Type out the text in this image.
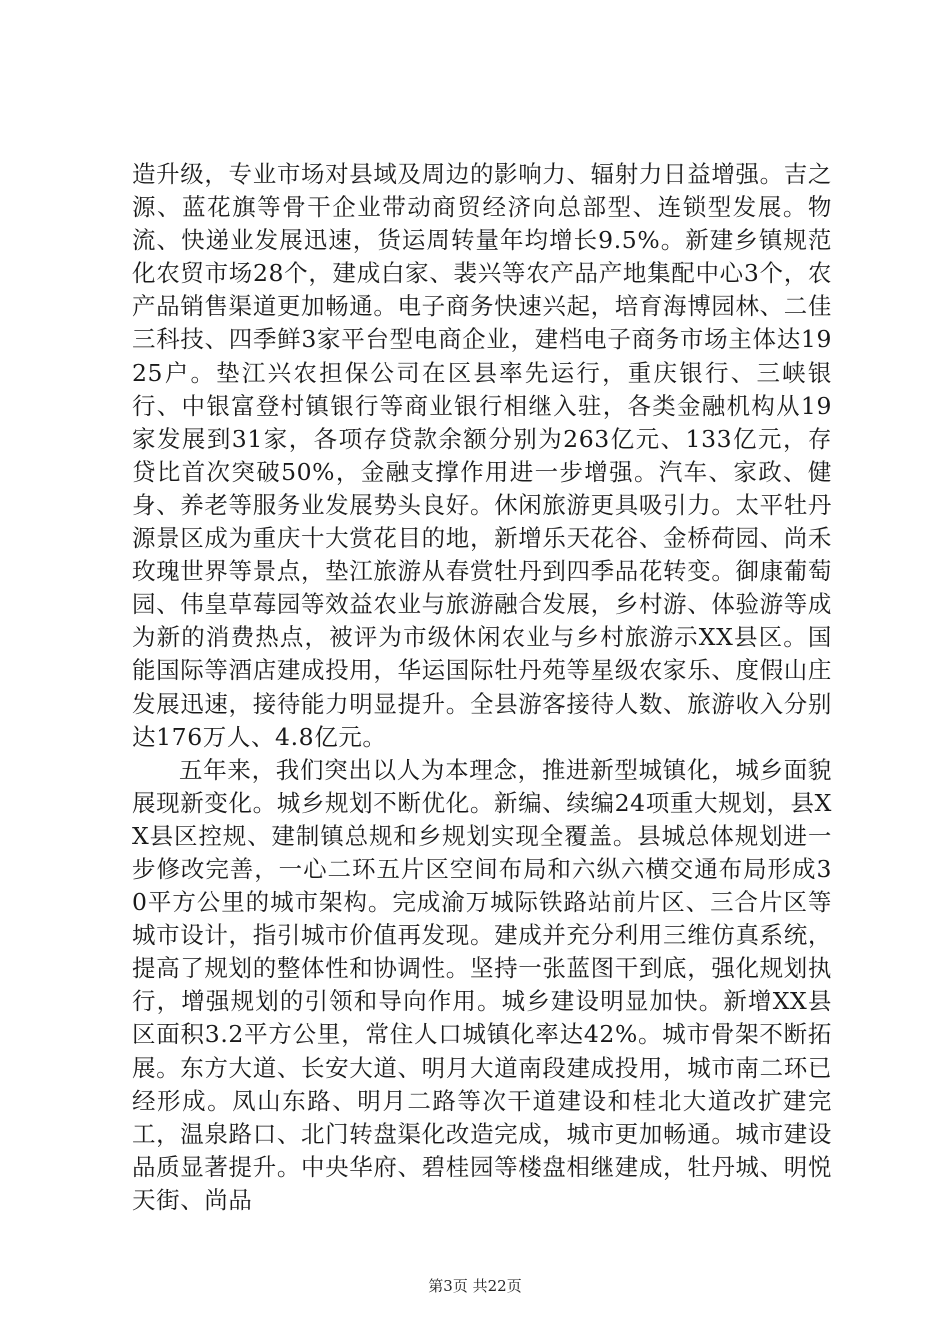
造升级，专业市场对县域及周边的影响力、辐射力日益增强。吉之源、蓝花旗等骨干企业带动商贸经济向总部型、连锁型发展。物流、快递业发展迅速，货运周转量年均增长9.5%。新建乡镇规范化农贸市场28个，建成白家、裴兴等农产品产地集配中心3个，农产品销售渠道更加畅通。电子商务快速兴起，培育海博园林、二佳三科技、四季鲜3家平台型电商企业，建档电子商务市场主体达1925户。垫江兴农担保公司在区县率先运行，重庆银行、三峡银行、中银富登村镇银行等商业银行相继入驻，各类金融机构从19家发展到31家，各项存贷款余额分别为263亿元、133亿元，存贷比首次突破50%，金融支撑作用进一步增强。汽车、家政、健身、养老等服务业发展势头良好。休闲旅游更具吸引力。太平牡丹源景区成为重庆十大赏花目的地，新增乐天花谷、金桥荷园、尚禾玫瑰世界等景点，垫江旅游从春赏牡丹到四季品花转变。御康葡萄园、伟皇草莓园等效益农业与旅游融合发展，乡村游、体验游等成为新的消费热点，被评为市级休闲农业与乡村旅游示XX县区。国能国际等酒店建成投用，华运国际牡丹苑等星级农家乐、度假山庄发展迅速，接待能力明显提升。全县游客接待人数、旅游收入分别达176万人、4.8亿元。

五年来，我们突出以人为本理念，推进新型城镇化，城乡面貌展现新变化。城乡规划不断优化。新编、续编24项重大规划，县XX县区控规、建制镇总规和乡规划实现全覆盖。县城总体规划进一步修改完善，一心二环五片区空间布局和六纵六横交通布局形成30平方公里的城市架构。完成渝万城际铁路站前片区、三合片区等城市设计，指引城市价值再发现。建成并充分利用三维仿真系统，提高了规划的整体性和协调性。坚持一张蓝图干到底，强化规划执行，增强规划的引领和导向作用。城乡建设明显加快。新增XX县区面积3.2平方公里，常住人口城镇化率达42%。城市骨架不断拓展。东方大道、长安大道、明月大道南段建成投用，城市南二环已经形成。凤山东路、明月二路等次干道建设和桂北大道改扩建完工，温泉路口、北门转盘渠化改造完成，城市更加畅通。城市建设品质显著提升。中央华府、碧桂园等楼盘相继建成，牡丹城、明悦天街、尚品

第3页 共22页
